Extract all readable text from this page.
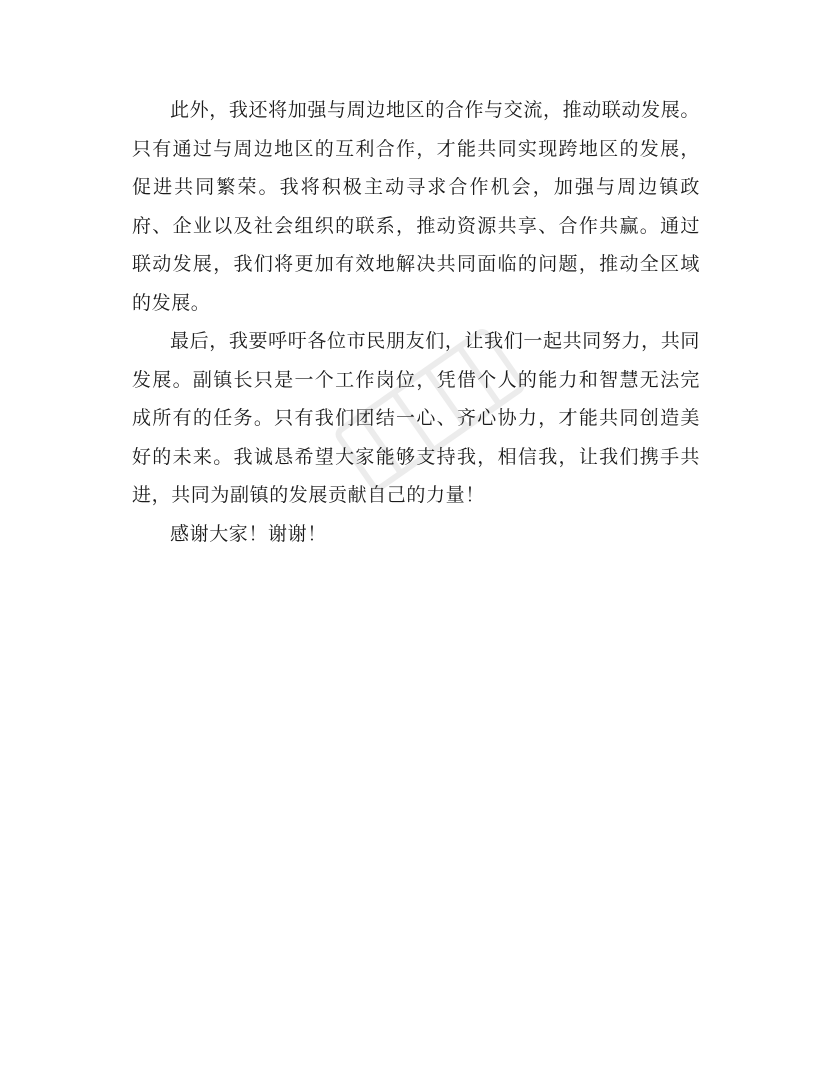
此外，我还将加强与周边地区的合作与交流，推动联动发展。只有通过与周边地区的互利合作，才能共同实现跨地区的发展，促进共同繁荣。我将积极主动寻求合作机会，加强与周边镇政府、企业以及社会组织的联系，推动资源共享、合作共赢。通过联动发展，我们将更加有效地解决共同面临的问题，推动全区域的发展。

最后，我要呼吁各位市民朋友们，让我们一起共同努力，共同发展。副镇长只是一个工作岗位，凭借个人的能力和智慧无法完成所有的任务。只有我们团结一心、齐心协力，才能共同创造美好的未来。我诚恳希望大家能够支持我，相信我，让我们携手共进，共同为副镇的发展贡献自己的力量！

感谢大家！谢谢！
